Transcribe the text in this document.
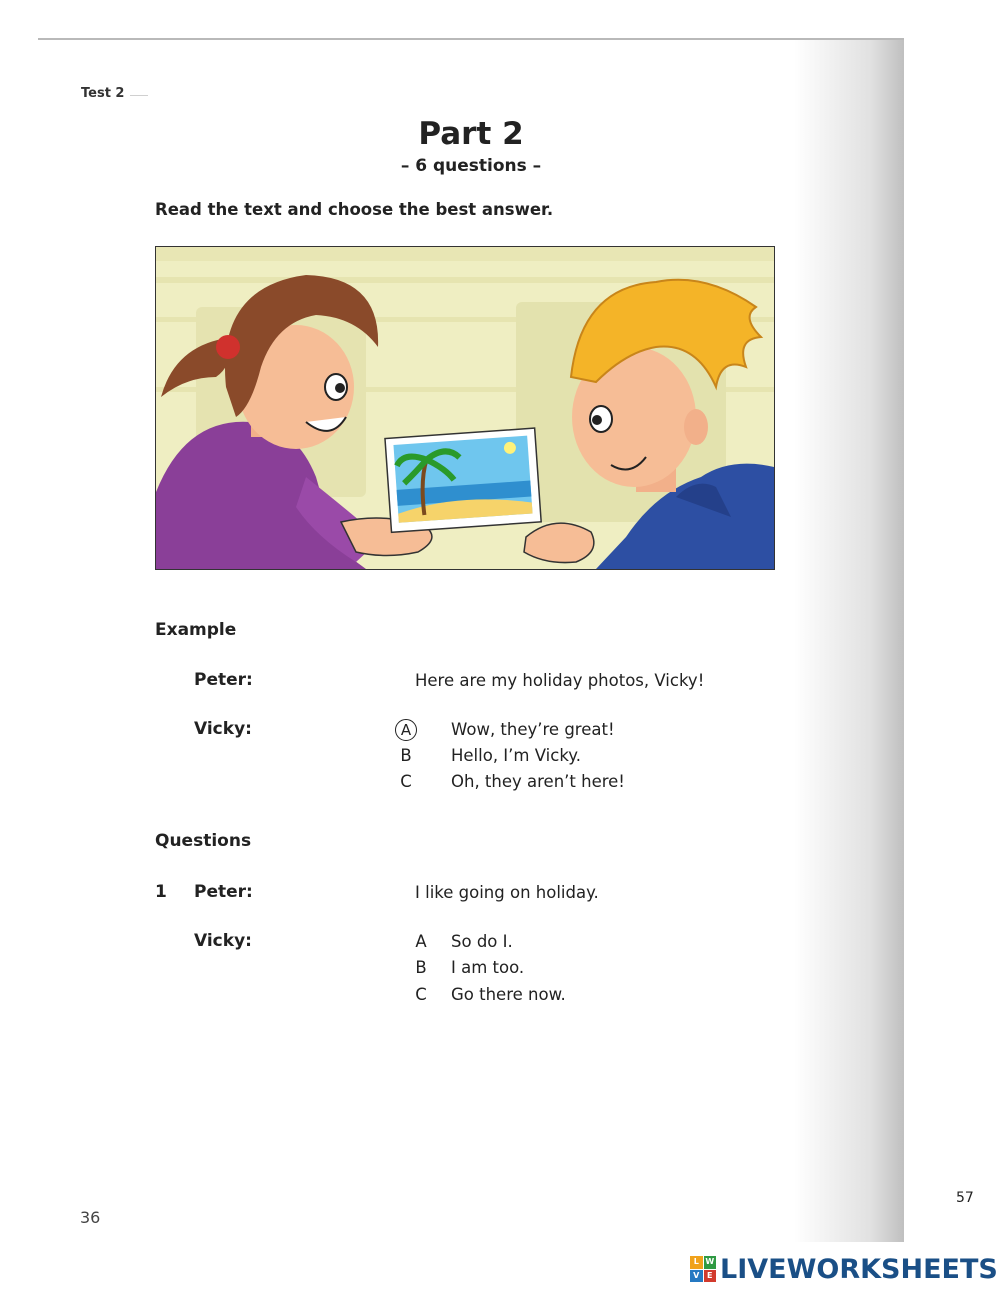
Test 2
Part 2
– 6 questions –
Read the text and choose the best answer.
Example
Peter:	Here are my holiday photos, Vicky!
Vicky:	A	Wow, they’re great!
B	Hello, I’m Vicky.
C	Oh, they aren’t here!
Questions
1 Peter:	I like going on holiday.
Vicky:	A	So do I.
B	I am too.
C	Go there now.
36
57
L W
V E LIVEWORKSHEETS
